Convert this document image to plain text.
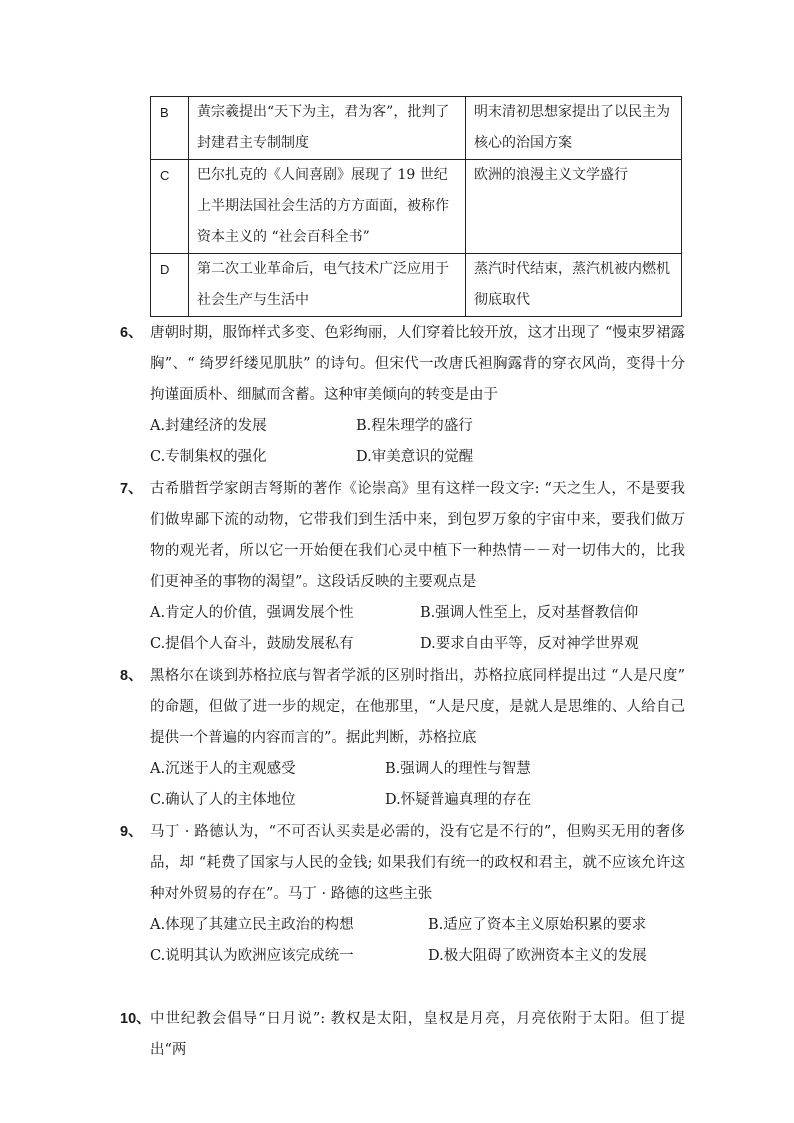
B	黄宗羲提出“天下为主，君为客”，批判了封建君主专制制度	明末清初思想家提出了以民主为核心的治国方案
C	巴尔扎克的《人间喜剧》展现了 19 世纪上半期法国社会生活的方方面面，被称作资本主义的 “社会百科全书”	欧洲的浪漫主义文学盛行
D	第二次工业革命后，电气技术广泛应用于社会生产与生活中	蒸汽时代结束，蒸汽机被内燃机彻底取代
6、 唐朝时期，服饰样式多变、色彩绚丽，人们穿着比较开放，这才出现了 “慢束罗裙露胸”、“ 绮罗纤缕见肌肤” 的诗句。但宋代一改唐氏袒胸露背的穿衣风尚，变得十分拘谨面质朴、细腻而含蓄。这种审美倾向的转变是由于
A.封建经济的发展	B.程朱理学的盛行
C.专制集权的强化	D.审美意识的觉醒
7、 古希腊哲学家朗吉弩斯的著作《论崇高》里有这样一段文字: “天之生人，不是要我们做卑鄙下流的动物，它带我们到生活中来，到包罗万象的宇宙中来，要我们做万物的观光者，所以它一开始便在我们心灵中植下一种热情－－对一切伟大的，比我们更神圣的事物的渴望”。这段话反映的主要观点是
A.肯定人的价值，强调发展个性	B.强调人性至上，反对基督教信仰
C.提倡个人奋斗，鼓励发展私有	D.要求自由平等，反对神学世界观
8、 黑格尔在谈到苏格拉底与智者学派的区别时指出，苏格拉底同样提出过 “人是尺度” 的命题，但做了进一步的规定，在他那里，“人是尺度，是就人是思维的、人给自己提供一个普遍的内容而言的”。据此判断，苏格拉底
A.沉迷于人的主观感受	B.强调人的理性与智慧
C.确认了人的主体地位	D.怀疑普遍真理的存在
9、 马丁 · 路德认为，“不可否认买卖是必需的，没有它是不行的”，但购买无用的奢侈品，却 “耗费了国家与人民的金钱; 如果我们有统一的政权和君主，就不应该允许这种对外贸易的存在”。马丁 · 路德的这些主张
A.体现了其建立民主政治的构想	B.适应了资本主义原始积累的要求
C.说明其认为欧洲应该完成统一	D.极大阻碍了欧洲资本主义的发展
10、 中世纪教会倡导“日月说”: 教权是太阳，皇权是月亮，月亮依附于太阳。但丁提出“两
